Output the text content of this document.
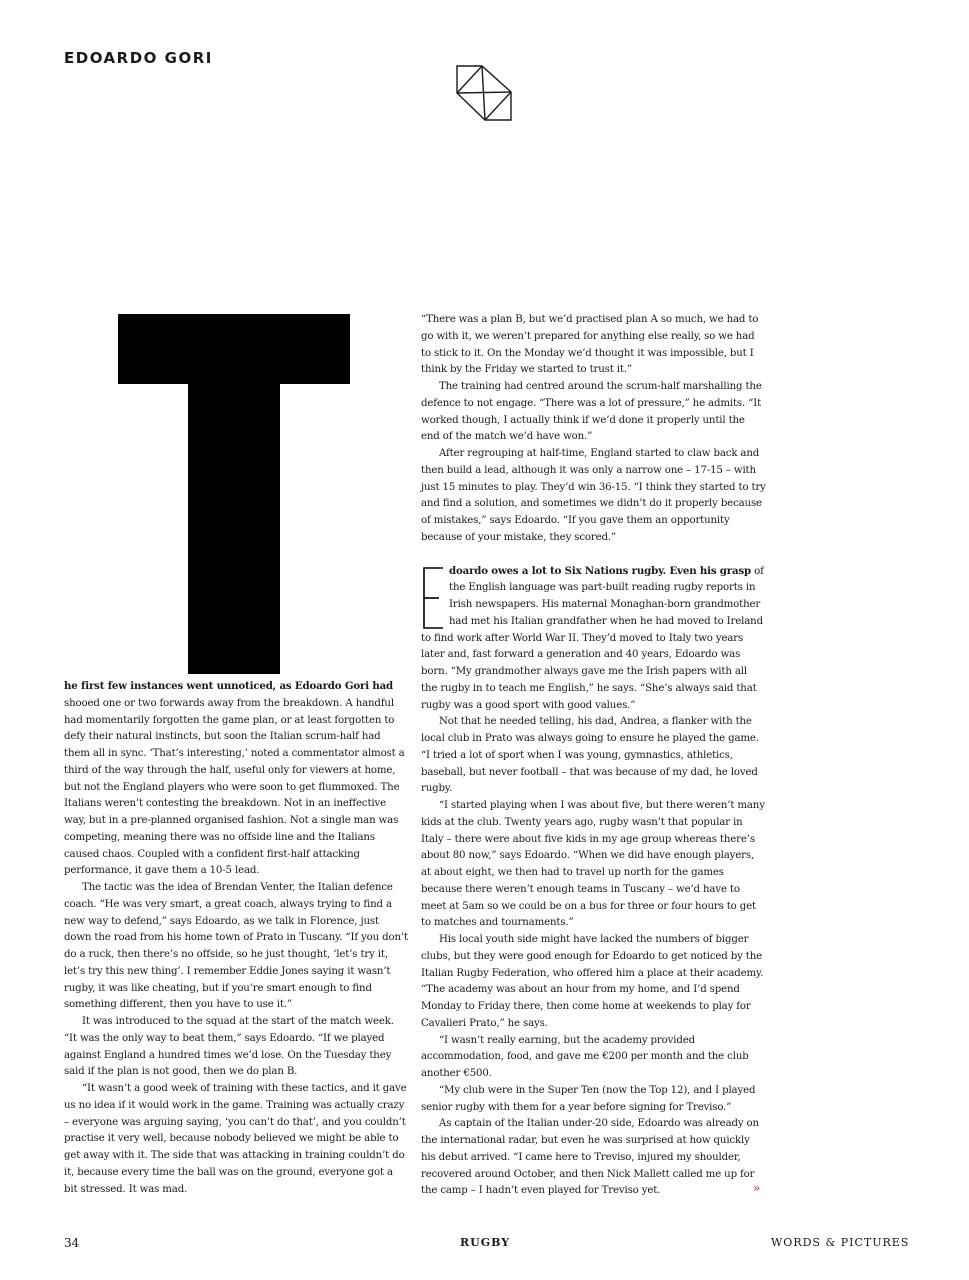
EDOARDO GORI

he first few instances went unnoticed, as Edoardo Gori had shooed one or two forwards away from the breakdown. A handful had momentarily forgotten the game plan, or at least forgotten to defy their natural instincts, but soon the Italian scrum-half had them all in sync. ‘That’s interesting,’ noted a commentator almost a third of the way through the half, useful only for viewers at home, but not the England players who were soon to get flummoxed. The Italians weren’t contesting the breakdown. Not in an ineffective way, but in a pre-planned organised fashion. Not a single man was competing, meaning there was no offside line and the Italians caused chaos. Coupled with a confident first-half attacking performance, it gave them a 10-5 lead.

The tactic was the idea of Brendan Venter, the Italian defence coach. “He was very smart, a great coach, always trying to find a new way to defend,” says Edoardo, as we talk in Florence, just down the road from his home town of Prato in Tuscany. “If you don’t do a ruck, then there’s no offside, so he just thought, ‘let’s try it, let’s try this new thing’. I remember Eddie Jones saying it wasn’t rugby, it was like cheating, but if you’re smart enough to find something different, then you have to use it.”

It was introduced to the squad at the start of the match week. “It was the only way to beat them,” says Edoardo. “If we played against England a hundred times we’d lose. On the Tuesday they said if the plan is not good, then we do plan B.

“It wasn’t a good week of training with these tactics, and it gave us no idea if it would work in the game. Training was actually crazy – everyone was arguing saying, ‘you can’t do that’, and you couldn’t practise it very well, because nobody believed we might be able to get away with it. The side that was attacking in training couldn’t do it, because every time the ball was on the ground, everyone got a bit stressed. It was mad.

“There was a plan B, but we’d practised plan A so much, we had to go with it, we weren’t prepared for anything else really, so we had to stick to it. On the Monday we’d thought it was impossible, but I think by the Friday we started to trust it.”

The training had centred around the scrum-half marshalling the defence to not engage. “There was a lot of pressure,” he admits. “It worked though, I actually think if we’d done it properly until the end of the match we’d have won.”

After regrouping at half-time, England started to claw back and then build a lead, although it was only a narrow one – 17-15 – with just 15 minutes to play. They’d win 36-15. “I think they started to try and find a solution, and sometimes we didn’t do it properly because of mistakes,” says Edoardo. “If you gave them an opportunity because of your mistake, they scored.”

doardo owes a lot to Six Nations rugby. Even his grasp of the English language was part-built reading rugby reports in Irish newspapers. His maternal Monaghan-born grandmother had met his Italian grandfather when he had moved to Ireland to find work after World War II. They’d moved to Italy two years later and, fast forward a generation and 40 years, Edoardo was born. “My grandmother always gave me the Irish papers with all the rugby in to teach me English,” he says. “She’s always said that rugby was a good sport with good values.”

Not that he needed telling, his dad, Andrea, a flanker with the local club in Prato was always going to ensure he played the game. “I tried a lot of sport when I was young, gymnastics, athletics, baseball, but never football – that was because of my dad, he loved rugby.

“I started playing when I was about five, but there weren’t many kids at the club. Twenty years ago, rugby wasn’t that popular in Italy – there were about five kids in my age group whereas there’s about 80 now,” says Edoardo. “When we did have enough players, at about eight, we then had to travel up north for the games because there weren’t enough teams in Tuscany – we’d have to meet at 5am so we could be on a bus for three or four hours to get to matches and tournaments.”

His local youth side might have lacked the numbers of bigger clubs, but they were good enough for Edoardo to get noticed by the Italian Rugby Federation, who offered him a place at their academy. “The academy was about an hour from my home, and I’d spend Monday to Friday there, then come home at weekends to play for Cavalieri Prato,” he says.

“I wasn’t really earning, but the academy provided accommodation, food, and gave me €200 per month and the club another €500.

“My club were in the Super Ten (now the Top 12), and I played senior rugby with them for a year before signing for Treviso.”

As captain of the Italian under-20 side, Edoardo was already on the international radar, but even he was surprised at how quickly his debut arrived. “I came here to Treviso, injured my shoulder, recovered around October, and then Nick Mallett called me up for the camp – I hadn’t even played for Treviso yet.	»
34	RUGBY	WORDS & PICTURES
